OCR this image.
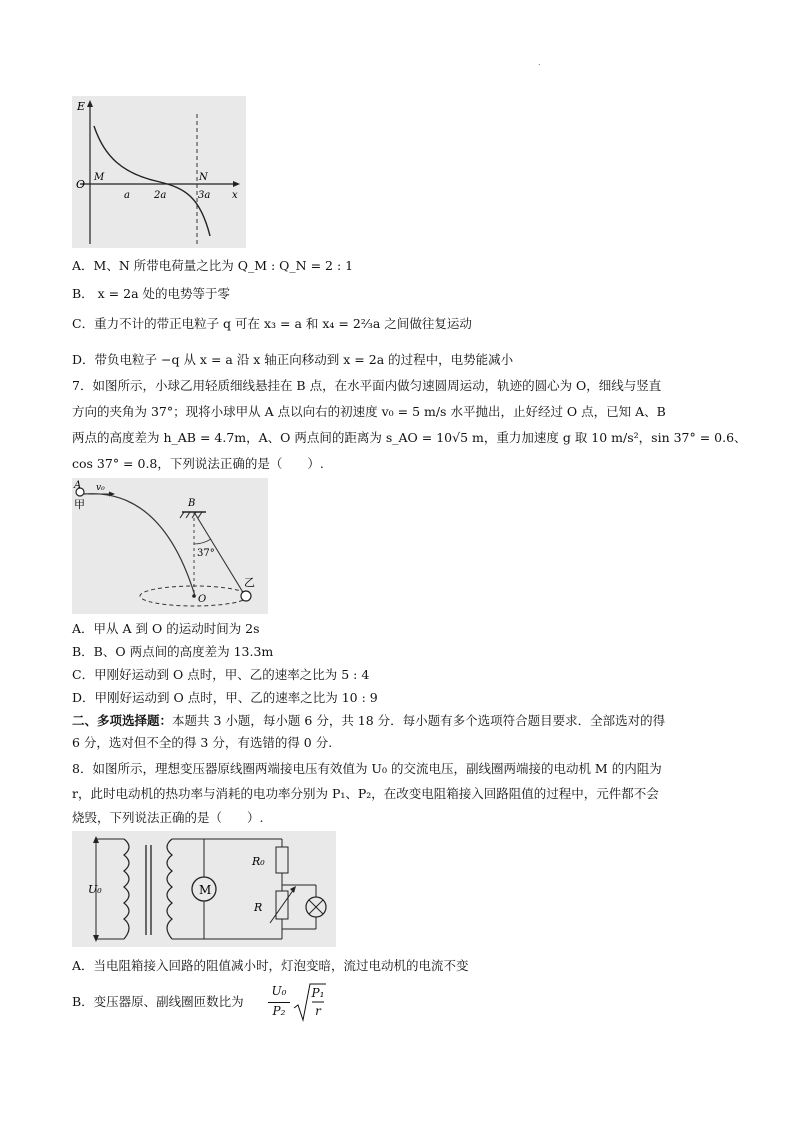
.
E
O
M	N
x
a 2a	3a
A．M、N 所带电荷量之比为 Q_M : Q_N = 2 : 1
B． x = 2a 处的电势等于零
C．重力不计的带正电粒子 q 可在 x₃ = a 和 x₄ = 2⅔a 之间做往复运动
D．带负电粒子 −q 从 x = a 沿 x 轴正向移动到 x = 2a 的过程中，电势能减小
7．如图所示，小球乙用轻质细线悬挂在 B 点，在水平面内做匀速圆周运动，轨迹的圆心为 O，细线与竖直
方向的夹角为 37°；现将小球甲从 A 点以向右的初速度 v₀ = 5 m/s 水平抛出，止好经过 O 点，已知 A、B
两点的高度差为 h_AB = 4.7m，A、O 两点间的距离为 s_AO = 10√5 m，重力加速度 g 取 10 m/s²，sin 37° = 0.6、
cos 37° = 0.8，下列说法正确的是（　　）.
A v₀
甲	B
37°
O
乙
A．甲从 A 到 O 的运动时间为 2s
B．B、O 两点间的高度差为 13.3m
C．甲刚好运动到 O 点时，甲、乙的速率之比为 5 : 4
D．甲刚好运动到 O 点时，甲、乙的速率之比为 10 : 9
二、多项选择题：本题共 3 小题，每小题 6 分，共 18 分．每小题有多个选项符合题目要求．全部选对的得
6 分，选对但不全的得 3 分，有选错的得 0 分.
8．如图所示，理想变压器原线圈两端接电压有效值为 U₀ 的交流电压，副线圈两端接的电动机 M 的内阻为
r，此时电动机的热功率与消耗的电功率分别为 P₁、P₂，在改变电阻箱接入回路阻值的过程中，元件都不会
烧毁，下列说法正确的是（　　）.
U₀	M
R₀
R
A．当电阻箱接入回路的阻值减小时，灯泡变暗，流过电动机的电流不变
B．变压器原、副线圈匝数比为
U₀
P₂
P₁
r
